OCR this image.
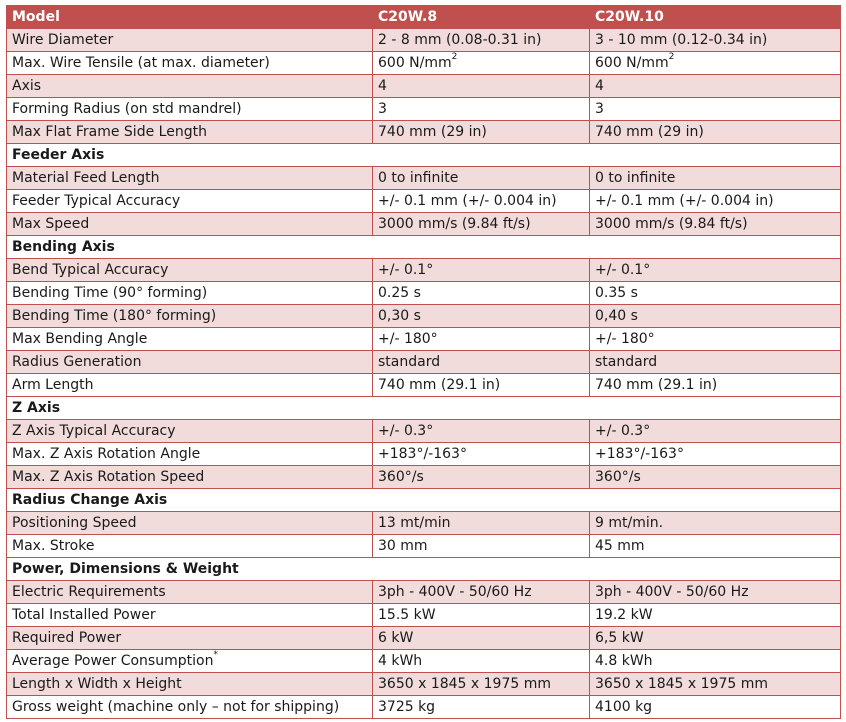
Model	C20W.8	C20W.10
Wire Diameter	2 - 8 mm (0.08-0.31 in)	3 - 10 mm (0.12-0.34 in)
Max. Wire Tensile (at max. diameter)	600 $N/mm^2$	600 $N/mm^2$
Axis	4	4
Forming Radius (on std mandrel)	3	3
Max Flat Frame Side Length	740 mm (29 in)	740 mm (29 in)
Feeder Axis		
Material Feed Length	0 to infinite	0 to infinite
Feeder Typical Accuracy	+/- 0.1 mm (+/- 0.004 in)	+/- 0.1 mm (+/- 0.004 in)
Max Speed	3000 mm/s (9.84 ft/s)	3000 mm/s (9.84 ft/s)
Bending Axis		
Bend Typical Accuracy	+/- 0.1°	+/- 0.1°
Bending Time (90° forming)	0.25 s	0.35 s
Bending Time (180° forming)	0,30 s	0,40 s
Max Bending Angle	+/- 180°	+/- 180°
Radius Generation	standard	standard
Arm Length	740 mm (29.1 in)	740 mm (29.1 in)
Z Axis		
Z Axis Typical Accuracy	+/- 0.3°	+/- 0.3°
Max. Z Axis Rotation Angle	+183°/-163°	+183°/-163°
Max. Z Axis Rotation Speed	360°/s	360°/s
Radius Change Axis		
Positioning Speed	13 mt/min	9 mt/min.
Max. Stroke	30 mm	45 mm
Power, Dimensions & Weight		
Electric Requirements	3ph - 400V - 50/60 Hz	3ph - 400V - 50/60 Hz
Total Installed Power	15.5 kW	19.2 kW
Required Power	6 kW	6,5 kW
Average Power Consumption*	4 kWh	4.8 kWh
Length x Width x Height	3650 x 1845 x 1975 mm	3650 x 1845 x 1975 mm
Gross weight (machine only – not for shipping)	3725 kg	4100 kg
